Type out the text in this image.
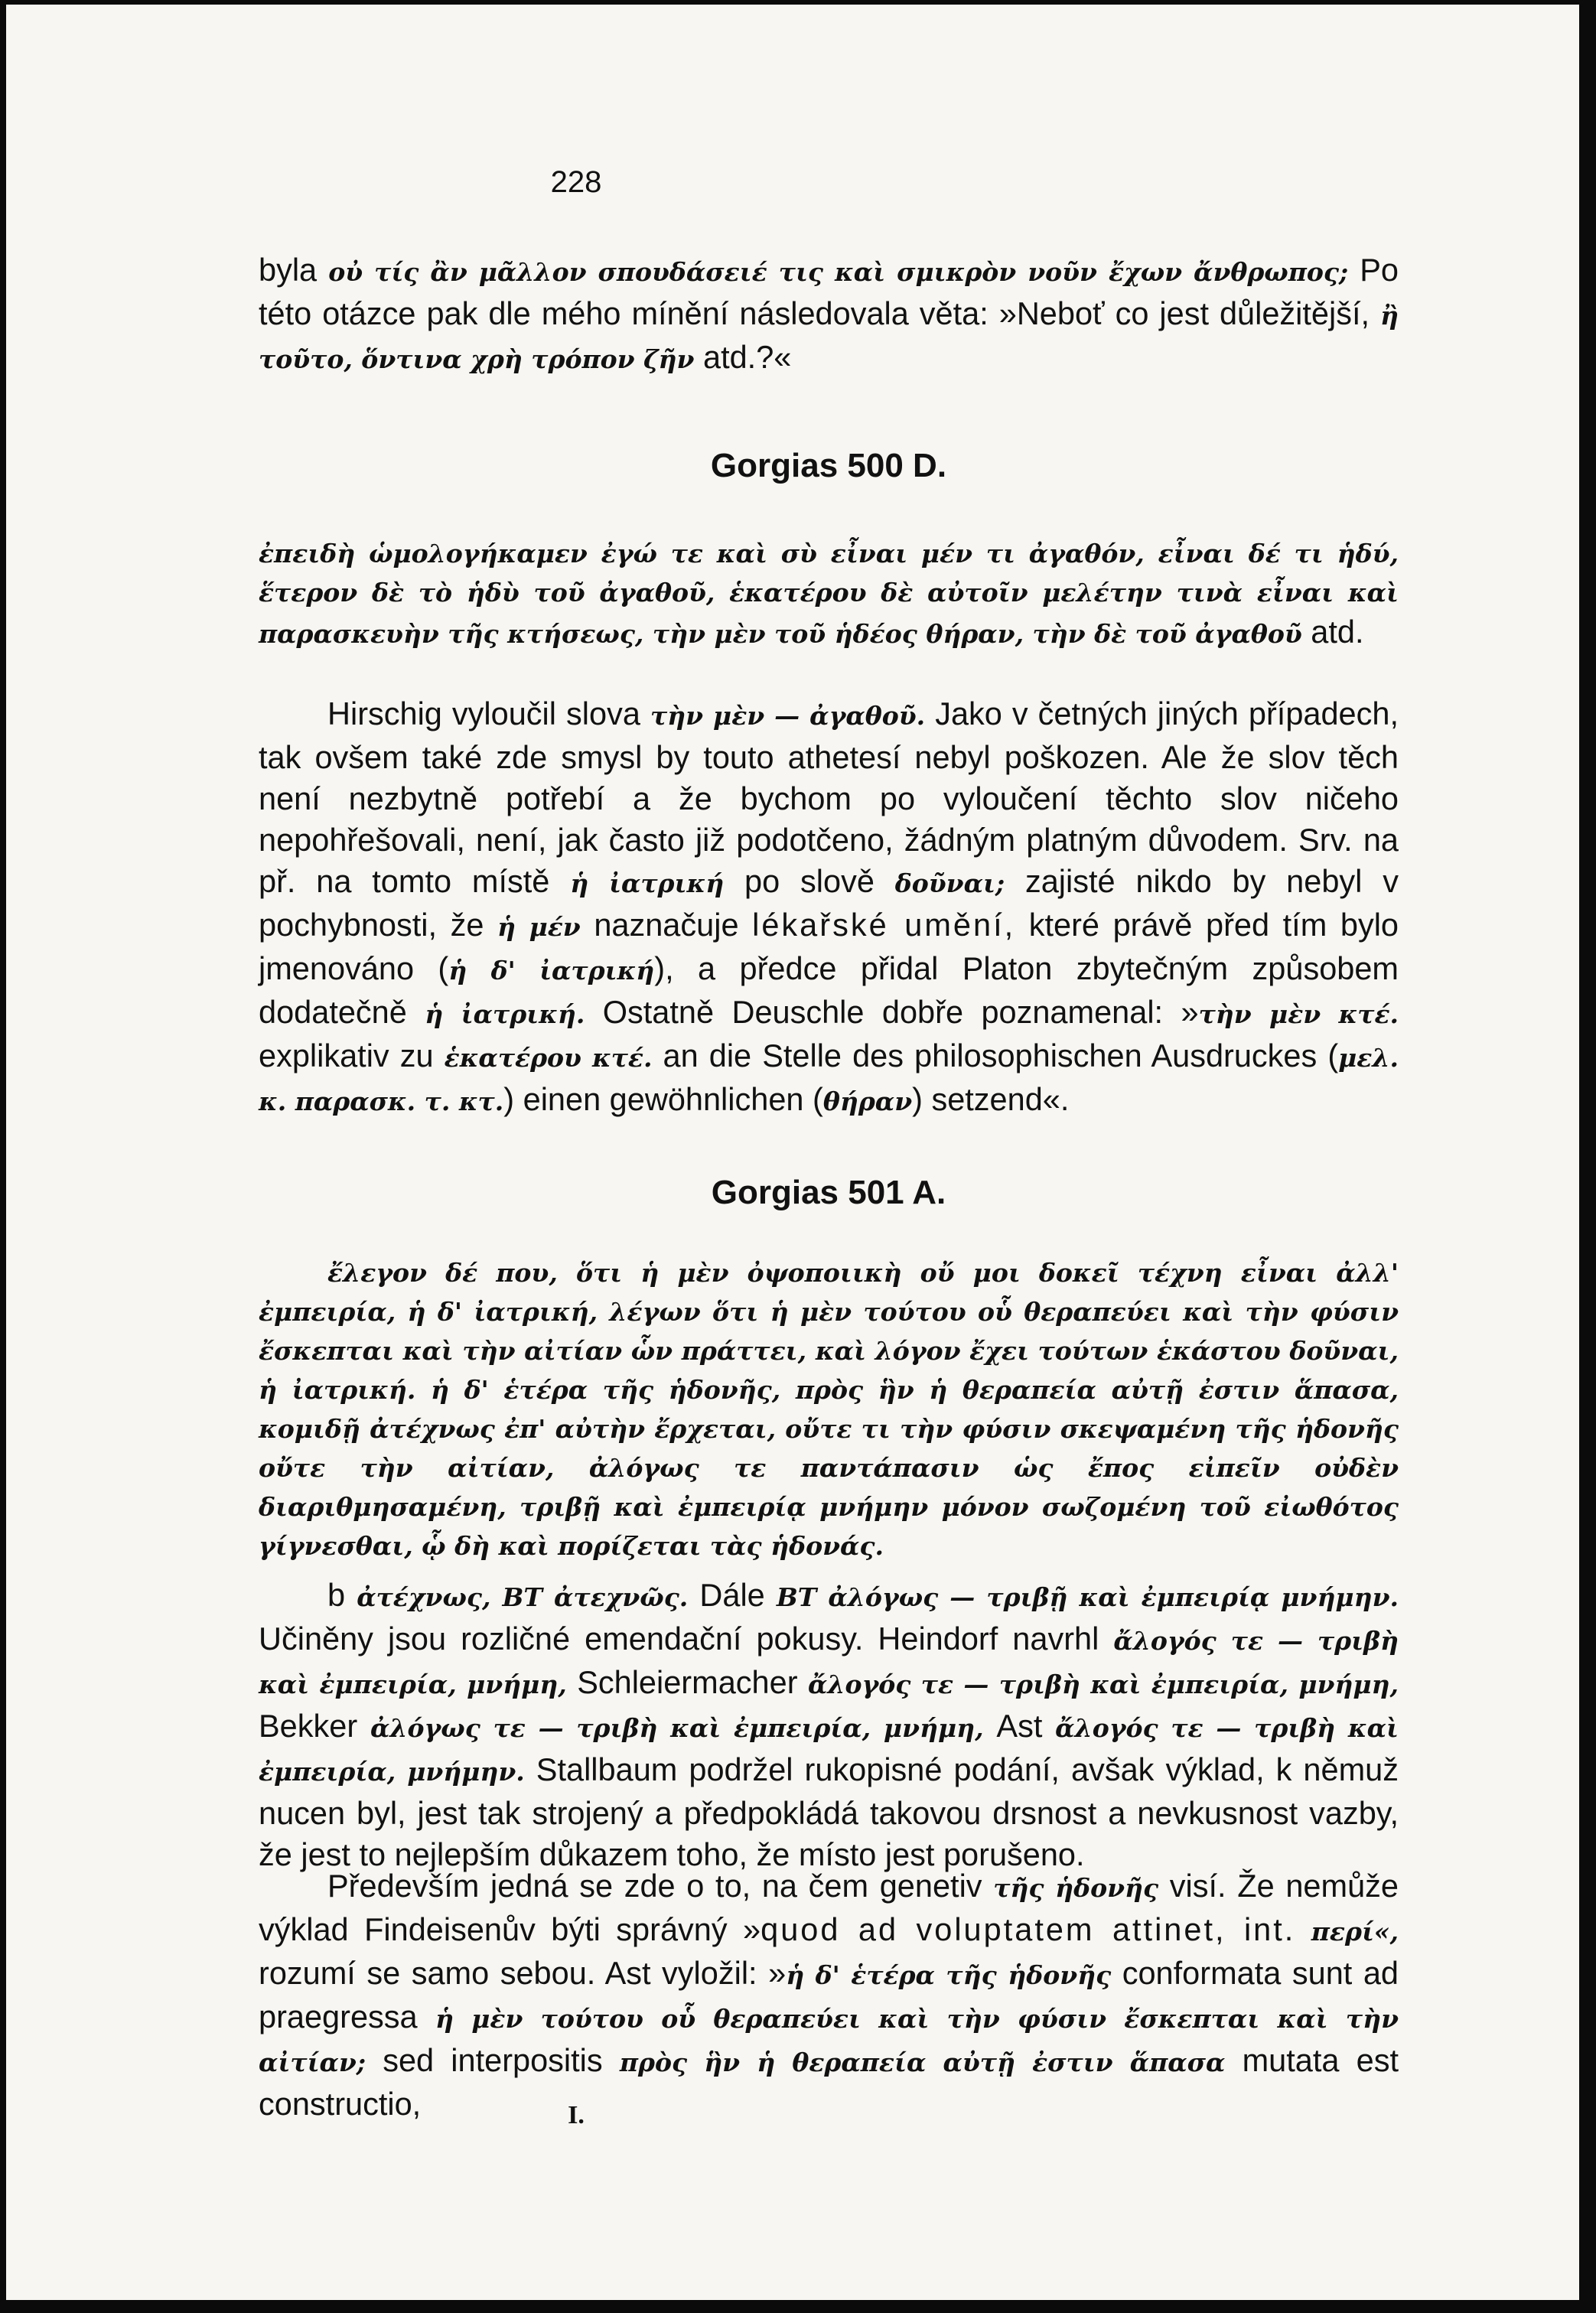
228

byla οὐ τίς ἂν μᾶλλον σπουδάσειέ τις καὶ σμικρὸν νοῦν ἔχων ἄνθρωπος; Po této otázce pak dle mého mínění následovala věta: »Neboť co jest důležitější, ἢ τοῦτο, ὅντινα χρὴ τρόπον ζῆν atd.?«

Gorgias 500 D.

ἐπειδὴ ὡμολογήκαμεν ἐγώ τε καὶ σὺ εἶναι μέν τι ἀγαθόν, εἶναι δέ τι ἡδύ, ἕτερον δὲ τὸ ἡδὺ τοῦ ἀγαθοῦ, ἑκατέρου δὲ αὐτοῖν μελέτην τινὰ εἶναι καὶ παρασκευὴν τῆς κτήσεως, τὴν μὲν τοῦ ἡδέος θήραν, τὴν δὲ τοῦ ἀγαθοῦ atd.

Hirschig vyloučil slova τὴν μὲν — ἀγαθοῦ. Jako v četných jiných případech, tak ovšem také zde smysl by touto athetesí nebyl poškozen. Ale že slov těch není nezbytně potřebí a že bychom po vyloučení těchto slov ničeho nepohřešovali, není, jak často již podotčeno, žádným platným důvodem. Srv. na př. na tomto místě ἡ ἰατρική po slově δοῦναι; zajisté nikdo by nebyl v pochybnosti, že ἡ μέν naznačuje lékařské umění, které právě před tím bylo jmenováno (ἡ δ' ἰατρική), a předce přidal Platon zbytečným způsobem dodatečně ἡ ἰατρική. Ostatně Deuschle dobře poznamenal: »τὴν μὲν κτέ. explikativ zu ἑκατέρου κτέ. an die Stelle des philosophischen Ausdruckes (μελ. κ. παρασκ. τ. κτ.) einen gewöhnlichen (θήραν) setzend«.

Gorgias 501 A.

ἔλεγον δέ που, ὅτι ἡ μὲν ὀψοποιικὴ οὔ μοι δοκεῖ τέχνη εἶναι ἀλλ' ἐμπειρία, ἡ δ' ἰατρική, λέγων ὅτι ἡ μὲν τούτου οὗ θεραπεύει καὶ τὴν φύσιν ἔσκεπται καὶ τὴν αἰτίαν ὧν πράττει, καὶ λόγον ἔχει τούτων ἑκάστου δοῦναι, ἡ ἰατρική. ἡ δ' ἑτέρα τῆς ἡδονῆς, πρὸς ἣν ἡ θεραπεία αὐτῇ ἐστιν ἅπασα, κομιδῇ ἀτέχνως ἐπ' αὐτὴν ἔρχεται, οὔτε τι τὴν φύσιν σκεψαμένη τῆς ἡδονῆς οὔτε τὴν αἰτίαν, ἀλόγως τε παντάπασιν ὡς ἔπος εἰπεῖν οὐδὲν διαριθμησαμένη, τριβῇ καὶ ἐμπειρίᾳ μνήμην μόνον σωζομένη τοῦ εἰωθότος γίγνεσθαι, ᾧ δὴ καὶ πορίζεται τὰς ἡδονάς.

b ἀτέχνως, ΒΤ ἀτεχνῶς. Dále ΒΤ ἀλόγως — τριβῇ καὶ ἐμπειρίᾳ μνήμην. Učiněny jsou rozličné emendační pokusy. Heindorf navrhl ἄλογός τε — τριβὴ καὶ ἐμπειρία, μνήμη, Schleiermacher ἄλογός τε — τριβὴ καὶ ἐμπειρία, μνήμη, Bekker ἀλόγως τε — τριβὴ καὶ ἐμπειρία, μνήμη, Ast ἄλογός τε — τριβὴ καὶ ἐμπειρία, μνήμην. Stallbaum podržel rukopisné podání, avšak výklad, k němuž nucen byl, jest tak strojený a předpokládá takovou drsnost a nevkusnost vazby, že jest to nejlepším důkazem toho, že místo jest porušeno.

Především jedná se zde o to, na čem genetiv τῆς ἡδονῆς visí. Že nemůže výklad Findeisenův býti správný »quod ad voluptatem attinet, int. περί«, rozumí se samo sebou. Ast vyložil: »ἡ δ' ἑτέρα τῆς ἡδονῆς conformata sunt ad praegressa ἡ μὲν τούτου οὗ θεραπεύει καὶ τὴν φύσιν ἔσκεπται καὶ τὴν αἰτίαν; sed interpositis πρὸς ἣν ἡ θεραπεία αὐτῇ ἐστιν ἅπασα mutata est constructio,	I.
